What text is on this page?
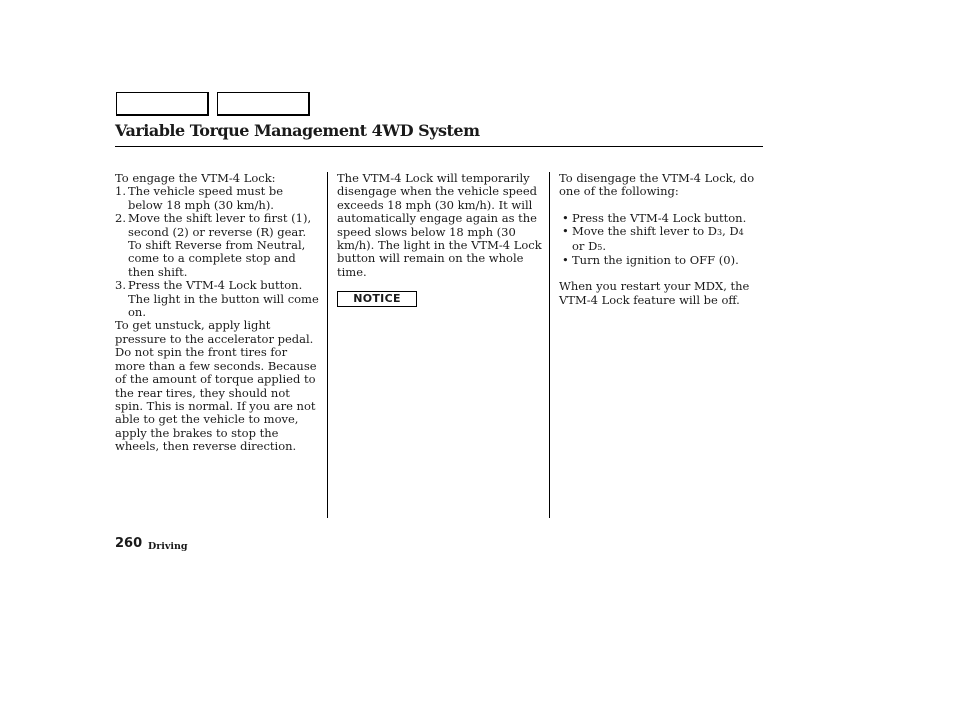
Variable Torque Management 4WD System

To engage the VTM-4 Lock:

1. The vehicle speed must be below 18 mph (30 km/h).

2. Move the shift lever to first (1), second (2) or reverse (R) gear. To shift Reverse from Neutral, come to a complete stop and then shift.

3. Press the VTM-4 Lock button. The light in the button will come on.

To get unstuck, apply light pressure to the accelerator pedal. Do not spin the front tires for more than a few seconds. Because of the amount of torque applied to the rear tires, they should not spin. This is normal. If you are not able to get the vehicle to move, apply the brakes to stop the wheels, then reverse direction.

The VTM-4 Lock will temporarily disengage when the vehicle speed exceeds 18 mph (30 km/h). It will automatically engage again as the speed slows below 18 mph (30 km/h). The light in the VTM-4 Lock button will remain on the whole time.

NOTICE

To disengage the VTM-4 Lock, do one of the following:

• Press the VTM-4 Lock button.

• Move the shift lever to D3, D4 or D5.

• Turn the ignition to OFF (0).

When you restart your MDX, the VTM-4 Lock feature will be off.

260 Driving
